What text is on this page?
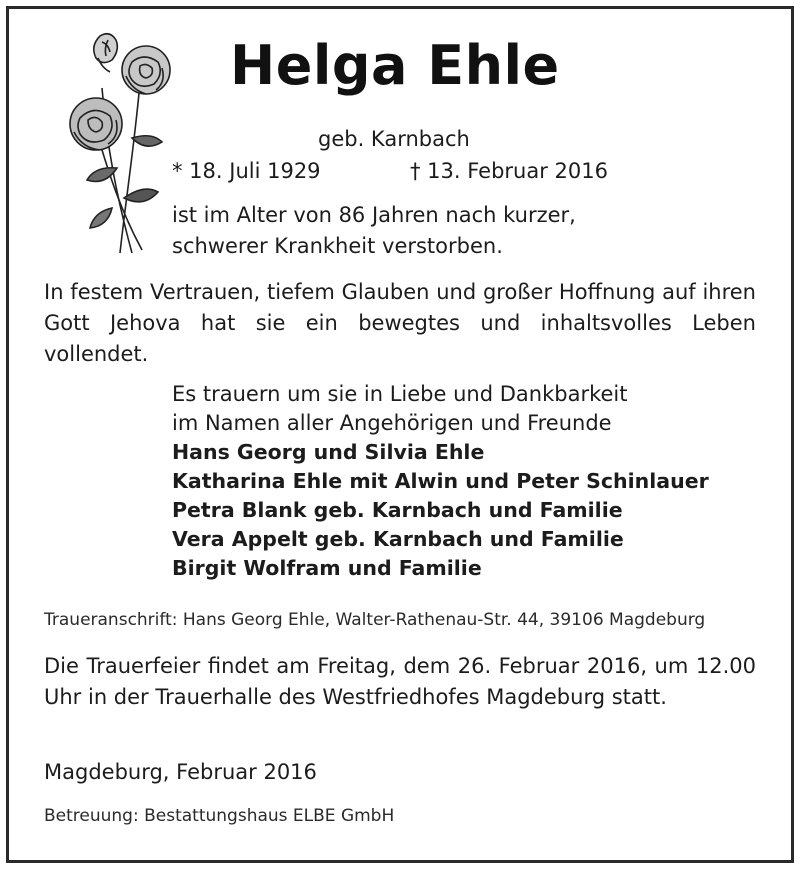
Helga Ehle
geb. Karnbach
* 18. Juli 1929	† 13. Februar 2016
ist im Alter von 86 Jahren nach kurzer,
schwerer Krankheit verstorben.
In festem Vertrauen, tiefem Glauben und großer Hoffnung auf ihren Gott Jehova hat sie ein bewegtes und inhaltsvolles Leben vollendet.
Es trauern um sie in Liebe und Dankbarkeit
im Namen aller Angehörigen und Freunde
Hans Georg und Silvia Ehle
Katharina Ehle mit Alwin und Peter Schinlauer
Petra Blank geb. Karnbach und Familie
Vera Appelt geb. Karnbach und Familie
Birgit Wolfram und Familie
Traueranschrift: Hans Georg Ehle, Walter-Rathenau-Str. 44, 39106 Magdeburg
Die Trauerfeier findet am Freitag, dem 26. Februar 2016, um 12.00 Uhr in der Trauerhalle des Westfriedhofes Magdeburg statt.
Magdeburg, Februar 2016
Betreuung: Bestattungshaus ELBE GmbH
